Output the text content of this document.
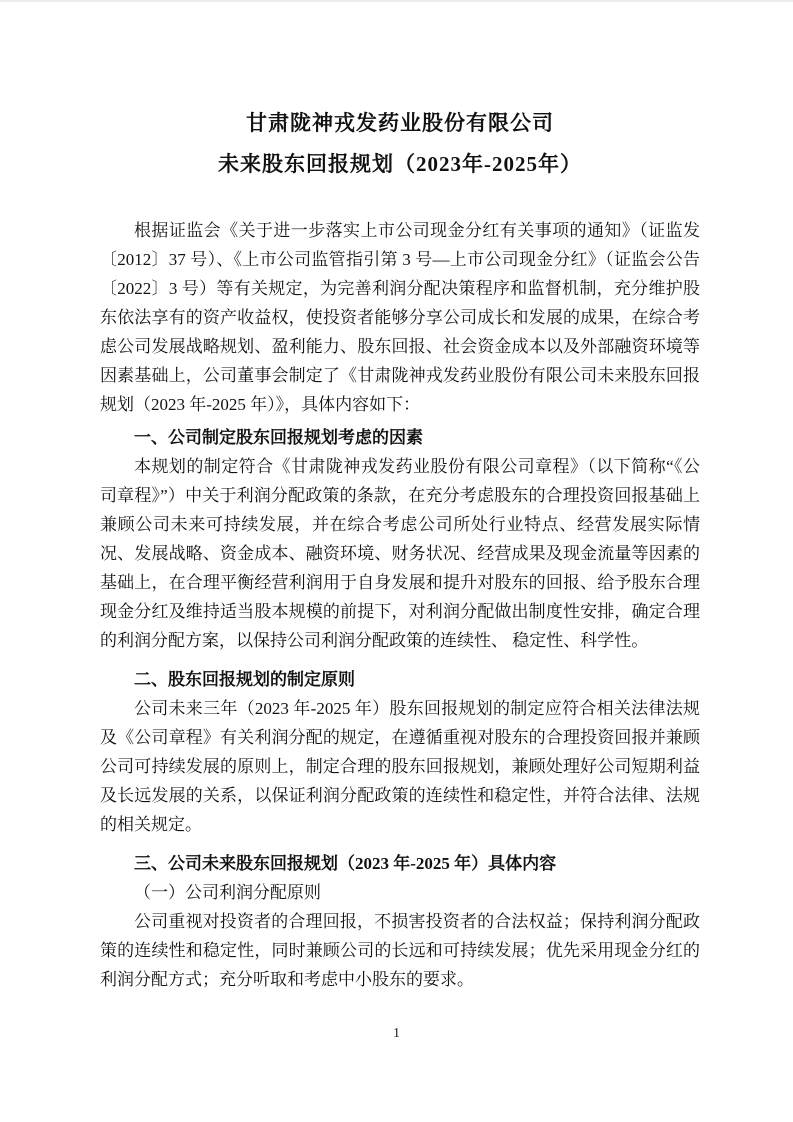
甘肃陇神戎发药业股份有限公司
未来股东回报规划（2023年-2025年）

根据证监会《关于进一步落实上市公司现金分红有关事项的通知》（证监发〔2012〕37 号）、《上市公司监管指引第 3 号—上市公司现金分红》（证监会公告〔2022〕3 号）等有关规定，为完善利润分配决策程序和监督机制，充分维护股东依法享有的资产收益权，使投资者能够分享公司成长和发展的成果，在综合考虑公司发展战略规划、盈利能力、股东回报、社会资金成本以及外部融资环境等因素基础上，公司董事会制定了《甘肃陇神戎发药业股份有限公司未来股东回报规划（2023 年-2025 年）》，具体内容如下：

一、公司制定股东回报规划考虑的因素

本规划的制定符合《甘肃陇神戎发药业股份有限公司章程》（以下简称“《公司章程》”）中关于利润分配政策的条款，在充分考虑股东的合理投资回报基础上兼顾公司未来可持续发展，并在综合考虑公司所处行业特点、经营发展实际情况、发展战略、资金成本、融资环境、财务状况、经营成果及现金流量等因素的基础上，在合理平衡经营利润用于自身发展和提升对股东的回报、给予股东合理现金分红及维持适当股本规模的前提下，对利润分配做出制度性安排，确定合理的利润分配方案，以保持公司利润分配政策的连续性、 稳定性、科学性。

二、股东回报规划的制定原则

公司未来三年（2023 年-2025 年）股东回报规划的制定应符合相关法律法规及《公司章程》有关利润分配的规定，在遵循重视对股东的合理投资回报并兼顾公司可持续发展的原则上，制定合理的股东回报规划，兼顾处理好公司短期利益及长远发展的关系，以保证利润分配政策的连续性和稳定性，并符合法律、法规的相关规定。

三、公司未来股东回报规划（2023 年-2025 年）具体内容

（一）公司利润分配原则

公司重视对投资者的合理回报，不损害投资者的合法权益；保持利润分配政策的连续性和稳定性，同时兼顾公司的长远和可持续发展；优先采用现金分红的利润分配方式；充分听取和考虑中小股东的要求。

1
